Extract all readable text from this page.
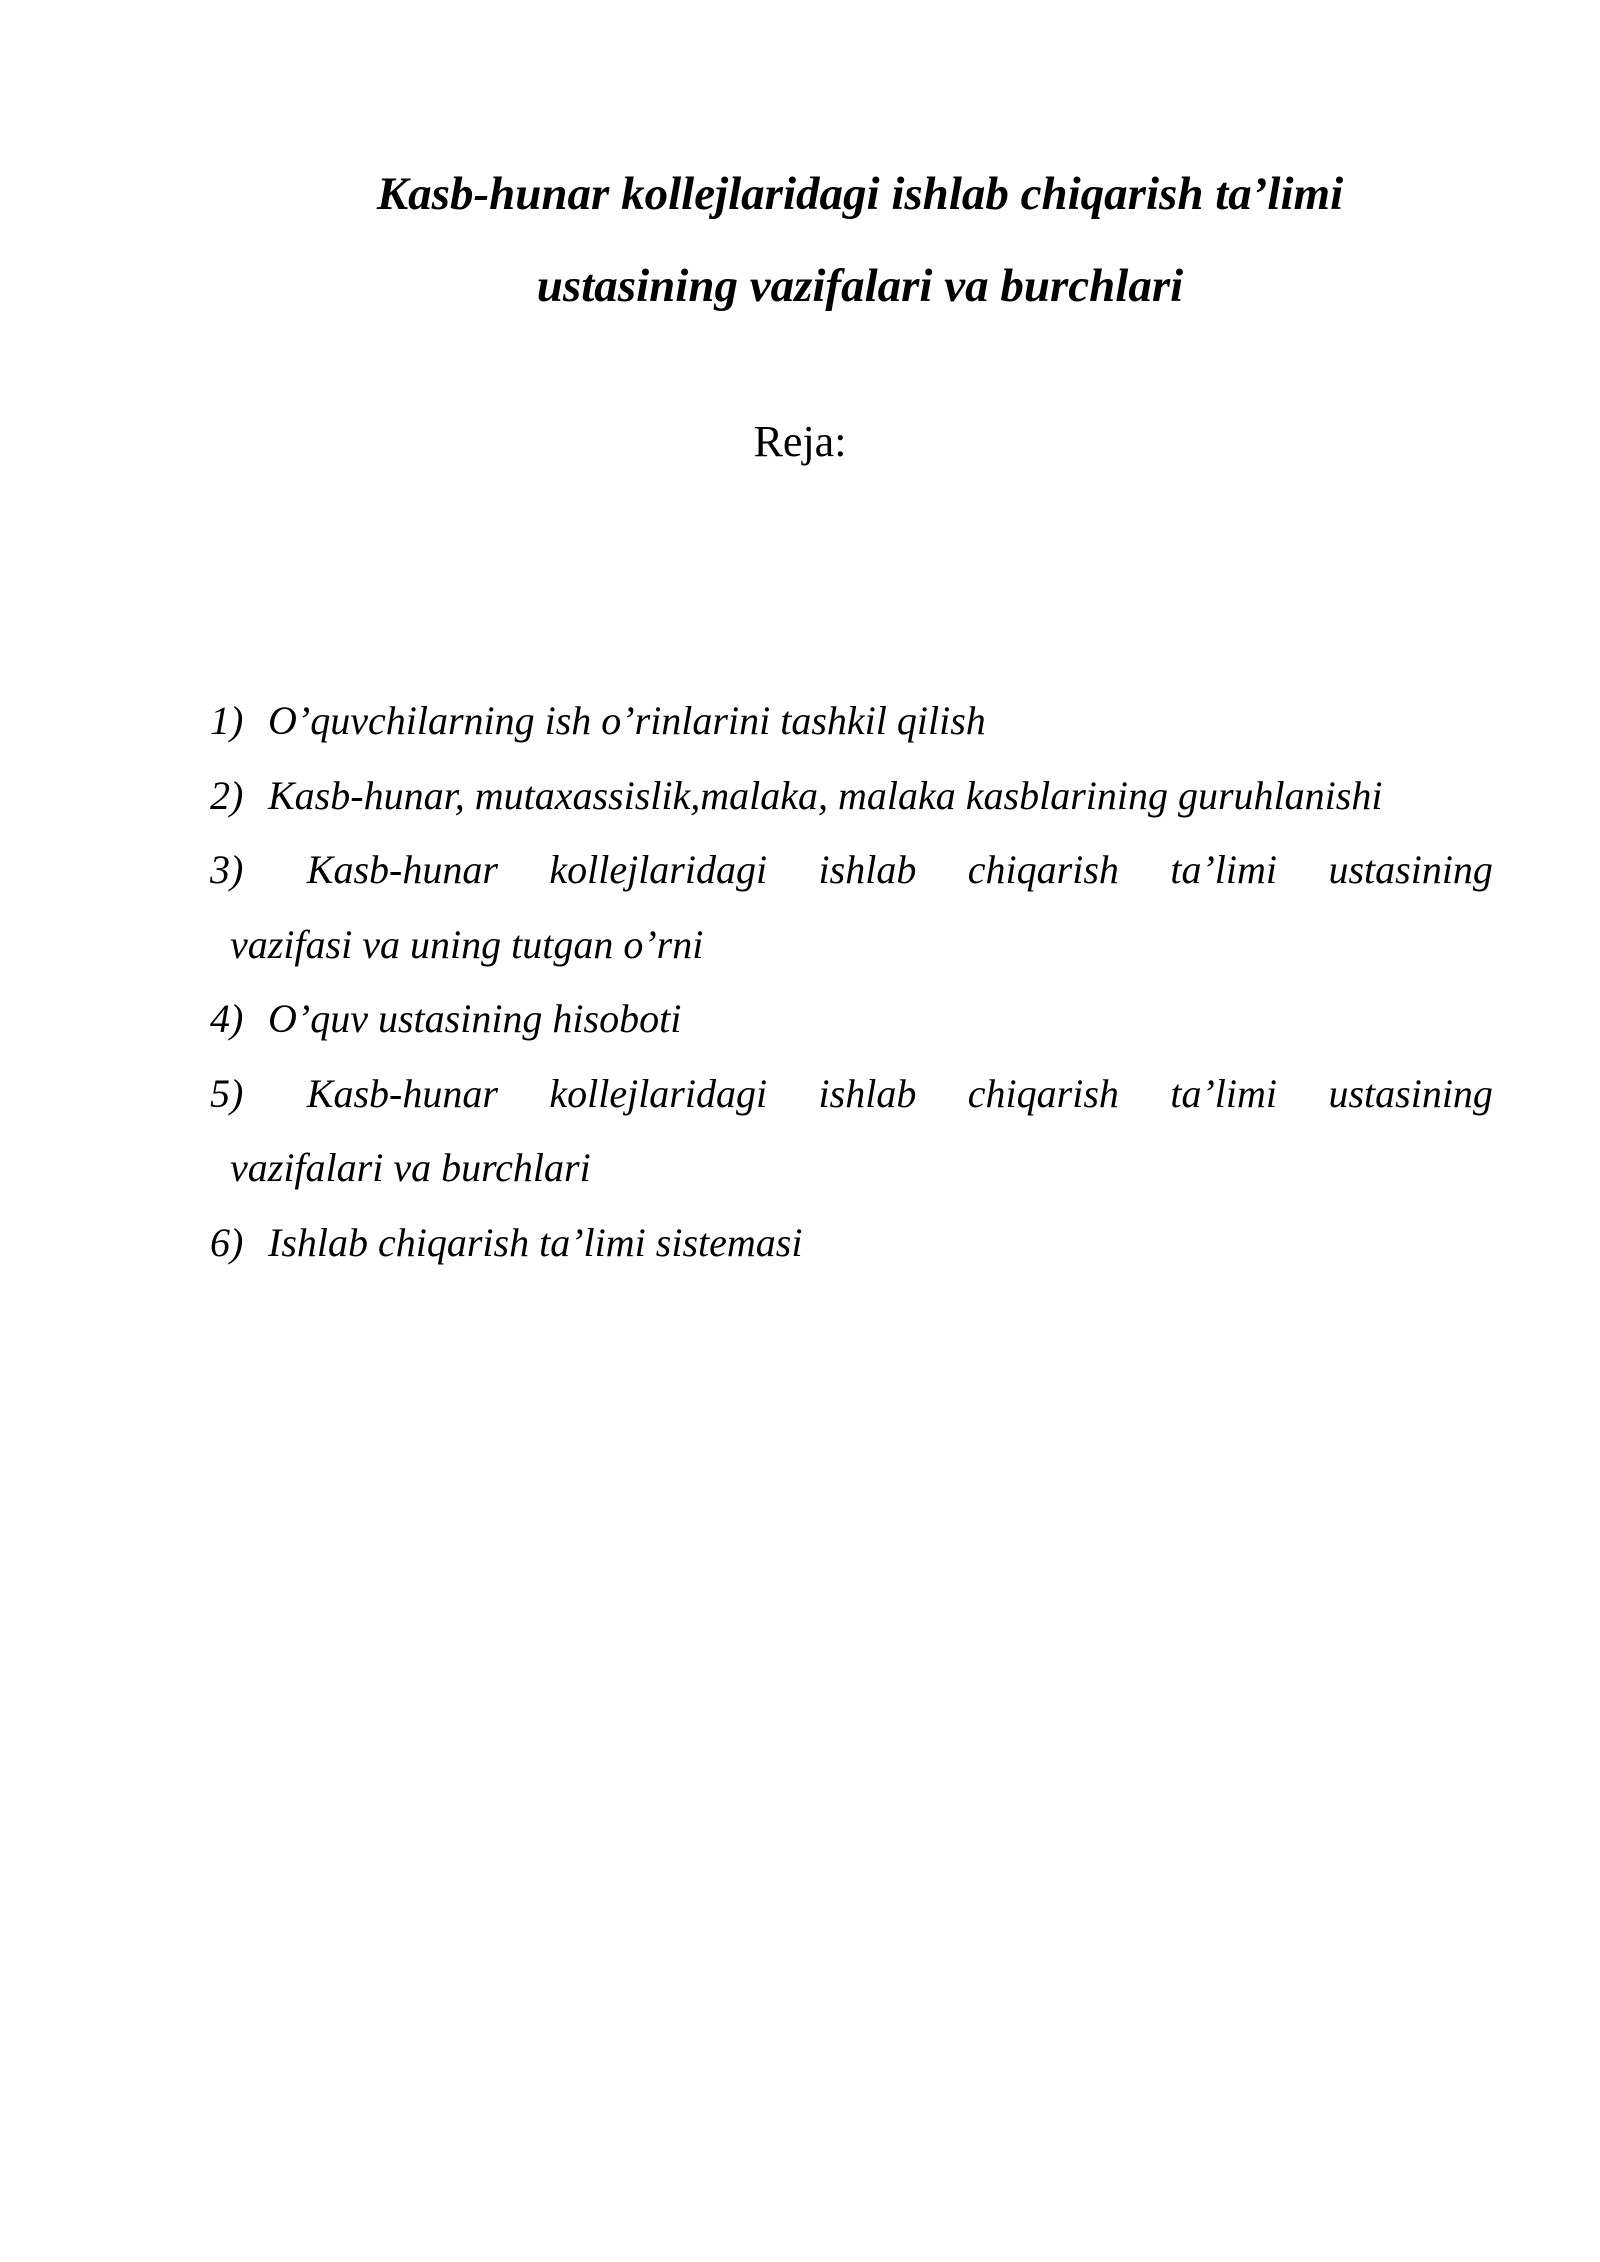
Kasb-hunar kollejlaridagi ishlab chiqarish ta’limi
ustasining vazifalari va burchlari

Reja:

1) O’quvchilarning ish o’rinlarini tashkil qilish
2) Kasb-hunar, mutaxassislik,malaka, malaka kasblarining guruhlanishi
3) Kasb-hunar kollejlaridagi ishlab chiqarish ta’limi ustasining
vazifasi va uning tutgan o’rni
4) O’quv ustasining hisoboti
5) Kasb-hunar kollejlaridagi ishlab chiqarish ta’limi ustasining
vazifalari va burchlari
6) Ishlab chiqarish ta’limi sistemasi
